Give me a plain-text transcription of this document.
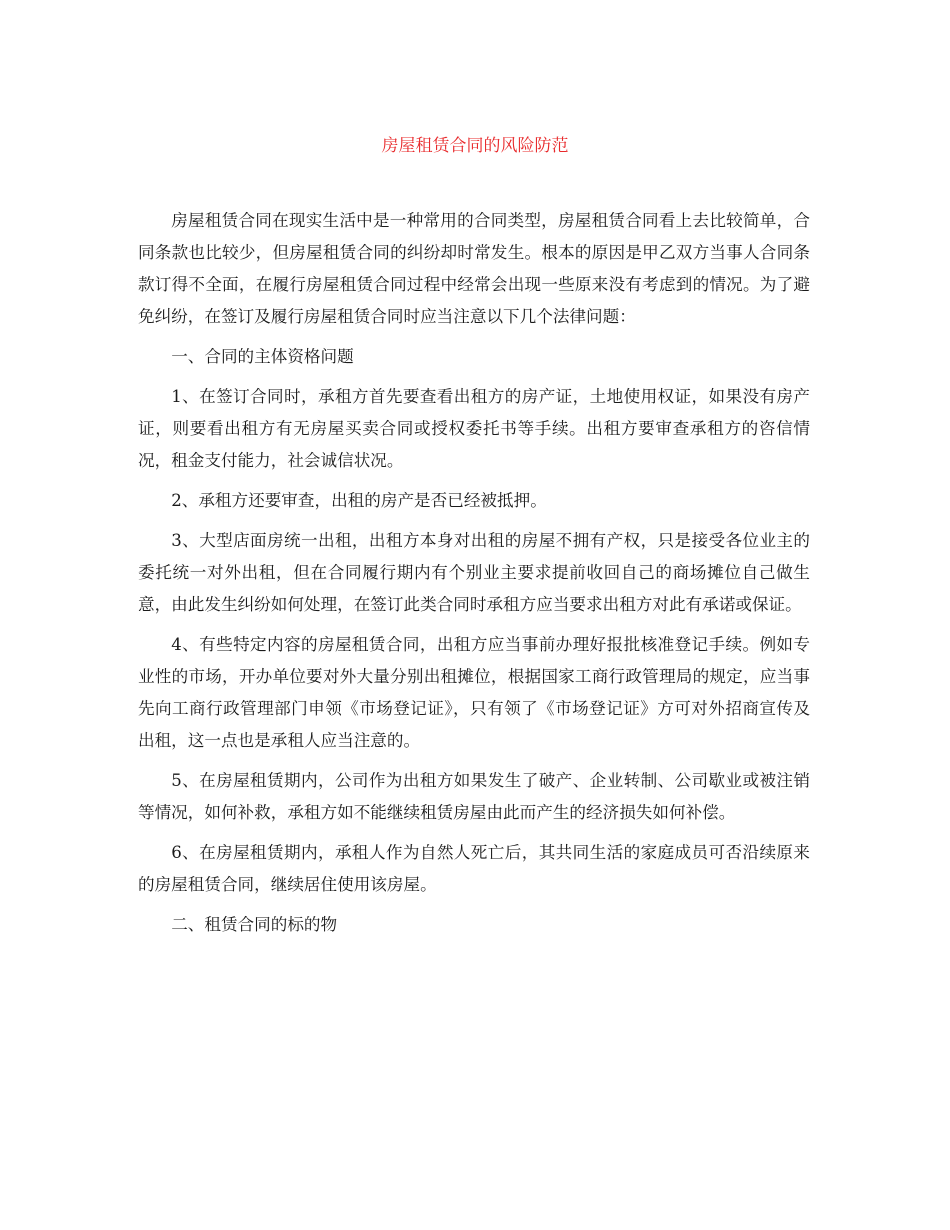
房屋租赁合同的风险防范

房屋租赁合同在现实生活中是一种常用的合同类型，房屋租赁合同看上去比较简单，合同条款也比较少，但房屋租赁合同的纠纷却时常发生。根本的原因是甲乙双方当事人合同条款订得不全面，在履行房屋租赁合同过程中经常会出现一些原来没有考虑到的情况。为了避免纠纷，在签订及履行房屋租赁合同时应当注意以下几个法律问题：

一、合同的主体资格问题

1、在签订合同时，承租方首先要查看出租方的房产证，土地使用权证，如果没有房产证，则要看出租方有无房屋买卖合同或授权委托书等手续。出租方要审查承租方的咨信情况，租金支付能力，社会诚信状况。

2、承租方还要审查，出租的房产是否已经被抵押。

3、大型店面房统一出租，出租方本身对出租的房屋不拥有产权，只是接受各位业主的委托统一对外出租，但在合同履行期内有个别业主要求提前收回自己的商场摊位自己做生意，由此发生纠纷如何处理，在签订此类合同时承租方应当要求出租方对此有承诺或保证。

4、有些特定内容的房屋租赁合同，出租方应当事前办理好报批核准登记手续。例如专业性的市场，开办单位要对外大量分别出租摊位，根据国家工商行政管理局的规定，应当事先向工商行政管理部门申领《市场登记证》，只有领了《市场登记证》方可对外招商宣传及出租，这一点也是承租人应当注意的。

5、在房屋租赁期内，公司作为出租方如果发生了破产、企业转制、公司歇业或被注销等情况，如何补救，承租方如不能继续租赁房屋由此而产生的经济损失如何补偿。

6、在房屋租赁期内，承租人作为自然人死亡后，其共同生活的家庭成员可否沿续原来的房屋租赁合同，继续居住使用该房屋。

二、租赁合同的标的物
